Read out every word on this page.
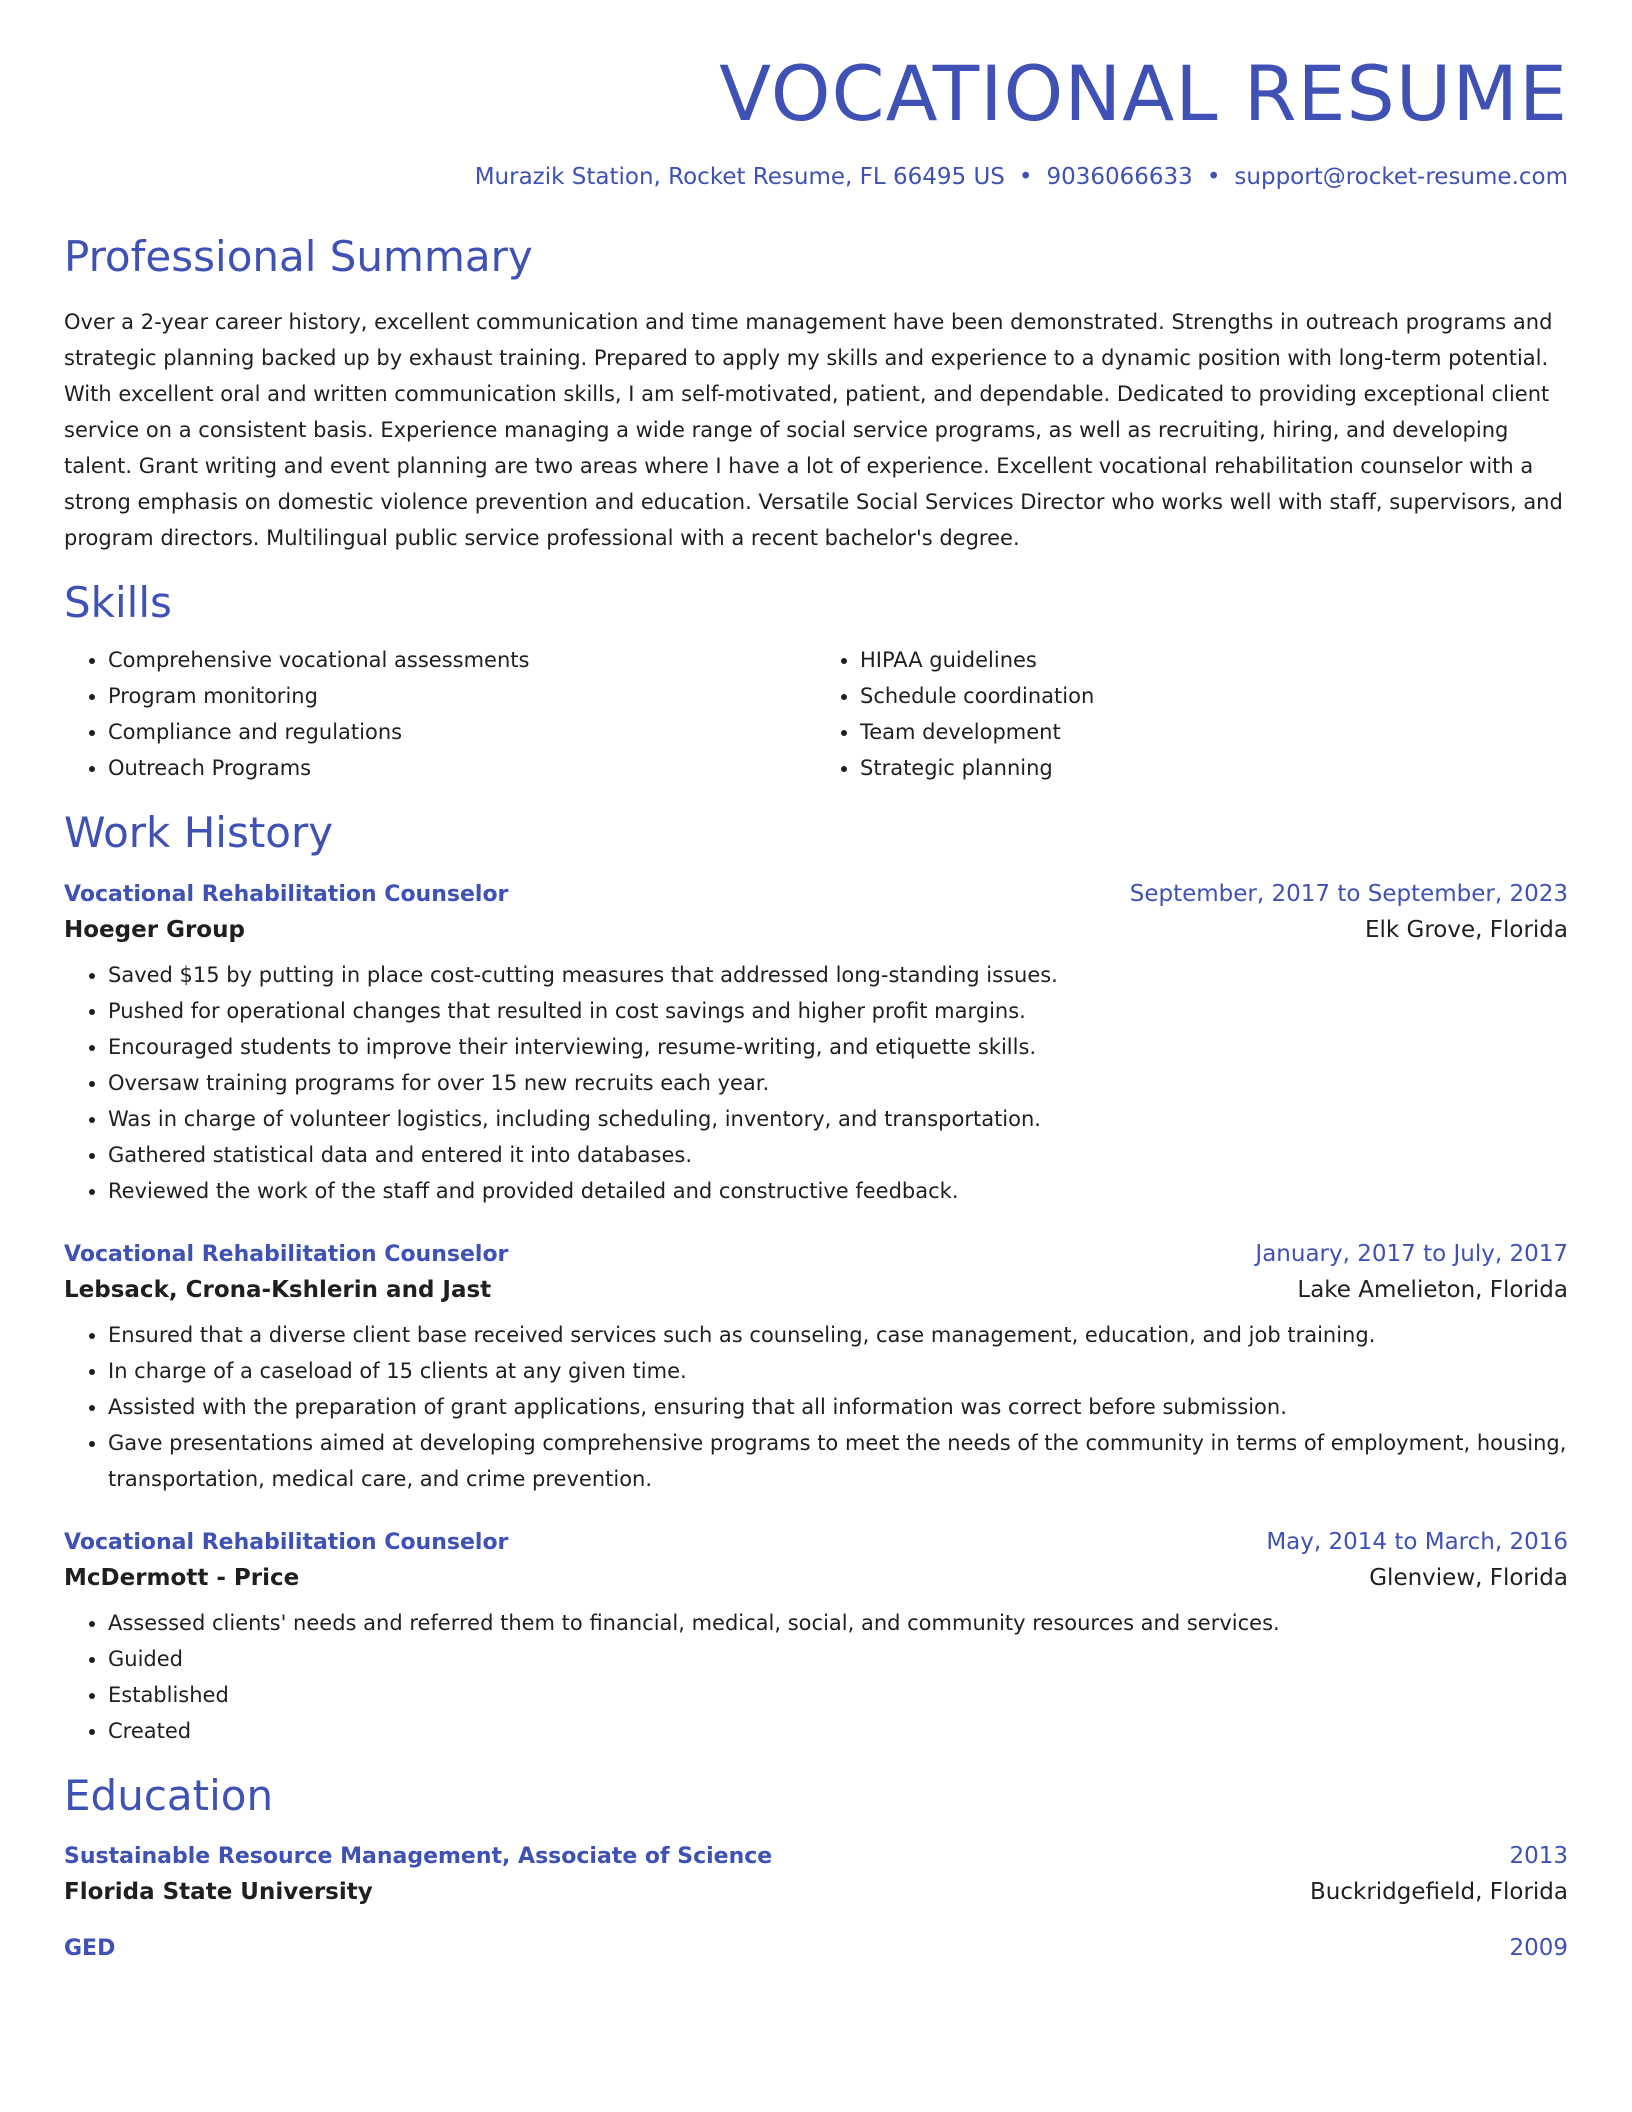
VOCATIONAL RESUME
Murazik Station, Rocket Resume, FL 66495 US • 9036066633 • support@rocket-resume.com
Professional Summary

Over a 2-year career history, excellent communication and time management have been demonstrated. Strengths in outreach programs and strategic planning backed up by exhaust training. Prepared to apply my skills and experience to a dynamic position with long-term potential. With excellent oral and written communication skills, I am self-motivated, patient, and dependable. Dedicated to providing exceptional client service on a consistent basis. Experience managing a wide range of social service programs, as well as recruiting, hiring, and developing talent. Grant writing and event planning are two areas where I have a lot of experience. Excellent vocational rehabilitation counselor with a strong emphasis on domestic violence prevention and education. Versatile Social Services Director who works well with staff, supervisors, and program directors. Multilingual public service professional with a recent bachelor's degree.

Skills
• Comprehensive vocational assessments
• Program monitoring
• Compliance and regulations
• Outreach Programs
• HIPAA guidelines
• Schedule coordination
• Team development
• Strategic planning
Work History
Vocational Rehabilitation Counselor	September, 2017 to September, 2023
Hoeger Group	Elk Grove, Florida
• Saved $15 by putting in place cost-cutting measures that addressed long-standing issues.
• Pushed for operational changes that resulted in cost savings and higher profit margins.
• Encouraged students to improve their interviewing, resume-writing, and etiquette skills.
• Oversaw training programs for over 15 new recruits each year.
• Was in charge of volunteer logistics, including scheduling, inventory, and transportation.
• Gathered statistical data and entered it into databases.
• Reviewed the work of the staff and provided detailed and constructive feedback.
Vocational Rehabilitation Counselor	January, 2017 to July, 2017
Lebsack, Crona-Kshlerin and Jast	Lake Amelieton, Florida
• Ensured that a diverse client base received services such as counseling, case management, education, and job training.
• In charge of a caseload of 15 clients at any given time.
• Assisted with the preparation of grant applications, ensuring that all information was correct before submission.
• Gave presentations aimed at developing comprehensive programs to meet the needs of the community in terms of employment, housing, transportation, medical care, and crime prevention.
Vocational Rehabilitation Counselor	May, 2014 to March, 2016
McDermott - Price	Glenview, Florida
• Assessed clients' needs and referred them to financial, medical, social, and community resources and services.
• Guided
• Established
• Created
Education
Sustainable Resource Management, Associate of Science	2013
Florida State University	Buckridgefield, Florida
GED	2009
